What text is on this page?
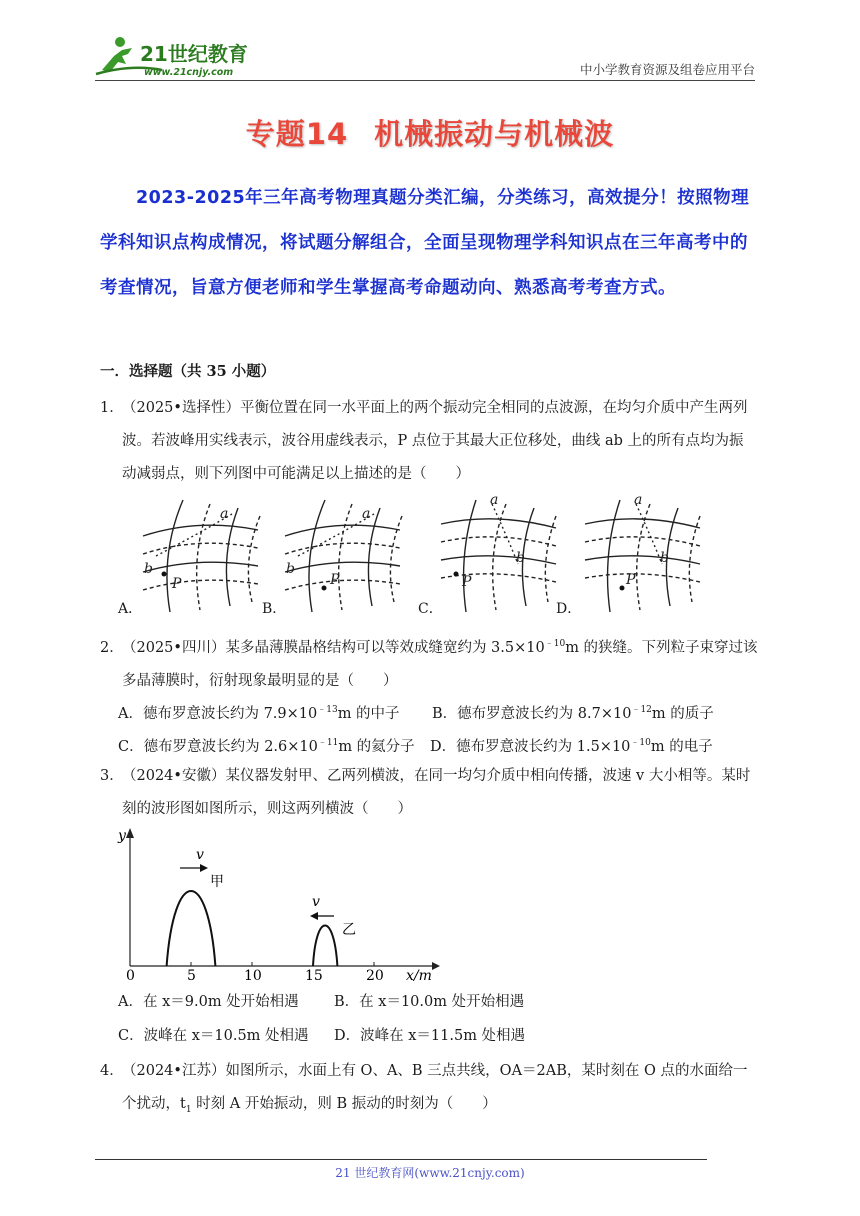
21世纪教育
www.21cnjy.com	中小学教育资源及组卷应用平台
专题14 机械振动与机械波
2023-2025年三年高考物理真题分类汇编，分类练习，高效提分！按照物理学科知识点构成情况，将试题分解组合，全面呈现物理学科知识点在三年高考中的考查情况，旨意方便老师和学生掌握高考命题动向、熟悉高考考查方式。
一．选择题（共 35 小题）
1．（2025•选择性）平衡位置在同一水平面上的两个振动完全相同的点波源，在均匀介质中产生两列
波。若波峰用实线表示，波谷用虚线表示，P 点位于其最大正位移处，曲线 ab 上的所有点均为振
动减弱点，则下列图中可能满足以上描述的是（　　）
a
b
P
a
b
P
a
b
P
a
b
P
A．	B．	C．	D．
2．（2025•四川）某多晶薄膜晶格结构可以等效成缝宽约为 $3.5\times 10^{﹣10}m$ 的狭缝。下列粒子束穿过该
多晶薄膜时，衍射现象最明显的是（　　）
A．德布罗意波长约为 $7.9\times 10^{﹣13}m$ 的中子 B．德布罗意波长约为 $8.7\times 10^{﹣12}m$ 的质子
C．德布罗意波长约为 $2.6\times 10^{﹣11}m$ 的氦分子 D．德布罗意波长约为 $1.5\times 10^{﹣10}m$ 的电子
3．（2024•安徽）某仪器发射甲、乙两列横波，在同一均匀介质中相向传播，波速 v 大小相等。某时
刻的波形图如图所示，则这两列横波（　　）
y
x/m
0	5	10	15	20
v
甲
v
乙
A．在 x＝9.0m 处开始相遇 B．在 x＝10.0m 处开始相遇
C．波峰在 x＝10.5m 处相遇 D．波峰在 x＝11.5m 处相遇
4．（2024•江苏）如图所示，水面上有 O、A、B 三点共线，OA＝2AB，某时刻在 O 点的水面给一
个扰动，$t_1$ 时刻 A 开始振动，则 B 振动的时刻为（　　）
21 世纪教育网(www.21cnjy.com)
